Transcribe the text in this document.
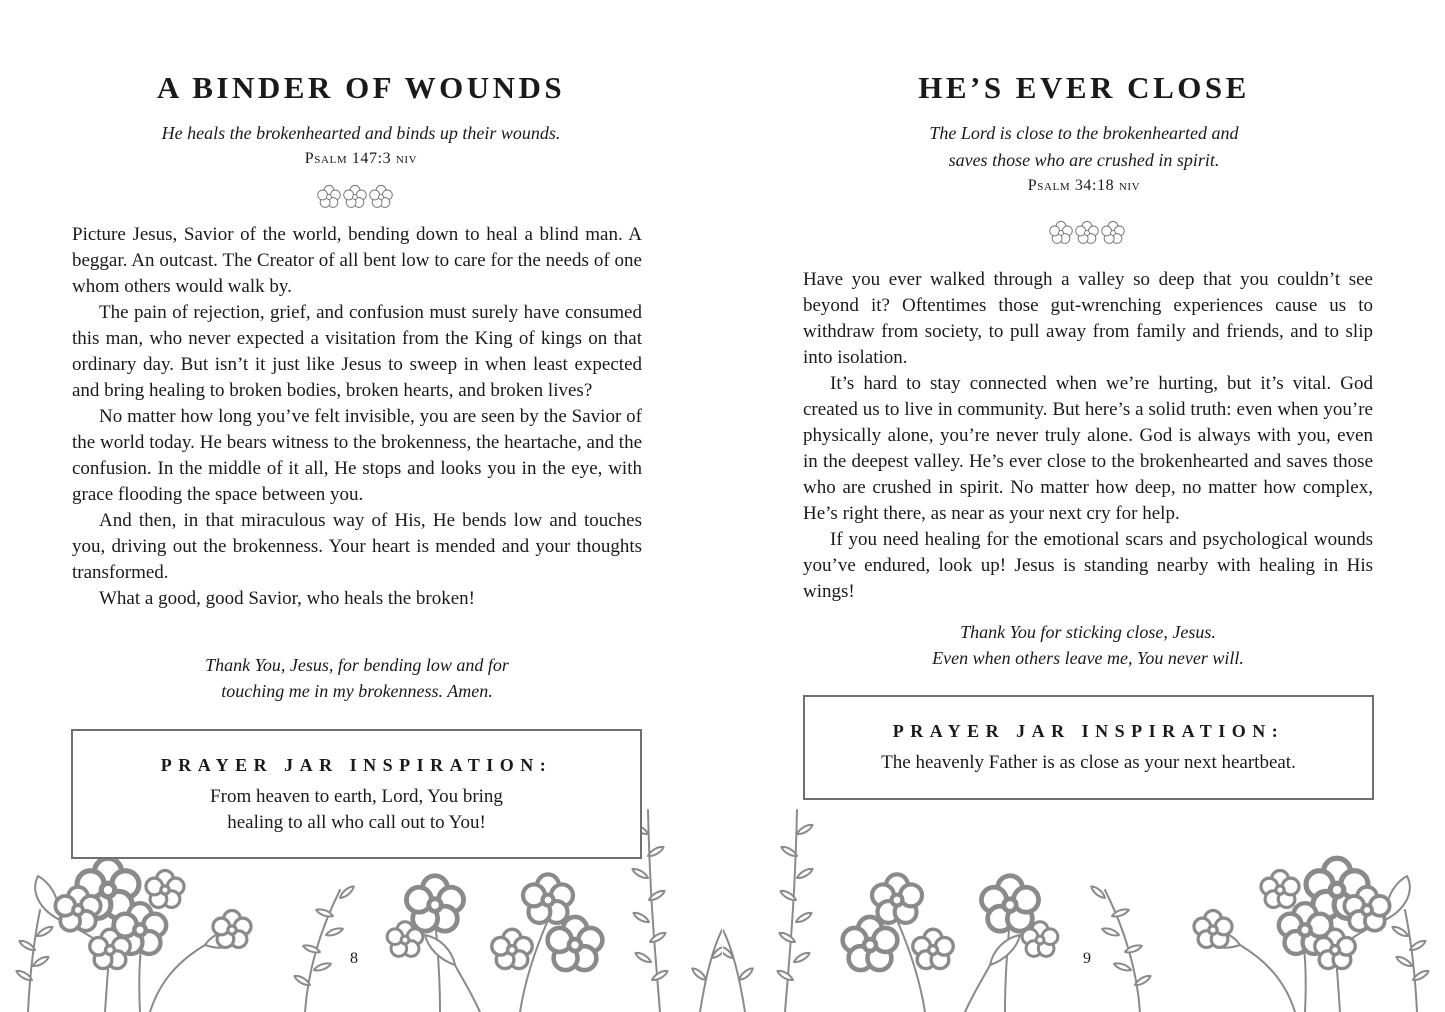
A BINDER OF WOUNDS

He heals the brokenhearted and binds up their wounds.

Psalm 147:3 niv

Picture Jesus, Savior of the world, bending down to heal a blind man. A beggar. An outcast. The Creator of all bent low to care for the needs of one whom others would walk by.

The pain of rejection, grief, and confusion must surely have consumed this man, who never expected a visitation from the King of kings on that ordinary day. But isn’t it just like Jesus to sweep in when least expected and bring healing to broken bodies, broken hearts, and broken lives?

No matter how long you’ve felt invisible, you are seen by the Savior of the world today. He bears witness to the brokenness, the heartache, and the confusion. In the middle of it all, He stops and looks you in the eye, with grace flooding the space between you.

And then, in that miraculous way of His, He bends low and touches you, driving out the brokenness. Your heart is mended and your thoughts transformed.

What a good, good Savior, who heals the broken!

Thank You, Jesus, for bending low and for
touching me in my brokenness. Amen.

PRAYER JAR INSPIRATION:

From heaven to earth, Lord, You bring

healing to all who call out to You!

8
HE’S EVER CLOSE
The Lord is close to the brokenhearted and
saves those who are crushed in spirit.
Psalm 34:18 niv

Have you ever walked through a valley so deep that you couldn’t see beyond it? Oftentimes those gut-wrenching experiences cause us to withdraw from society, to pull away from family and friends, and to slip into isolation.

It’s hard to stay connected when we’re hurting, but it’s vital. God created us to live in community. But here’s a solid truth: even when you’re physically alone, you’re never truly alone. God is always with you, even in the deepest valley. He’s ever close to the brokenhearted and saves those who are crushed in spirit. No matter how deep, no matter how complex, He’s right there, as near as your next cry for help.

If you need healing for the emotional scars and psychological wounds you’ve endured, look up! Jesus is standing nearby with healing in His wings!

Thank You for sticking close, Jesus.
Even when others leave me, You never will.

PRAYER JAR INSPIRATION:

The heavenly Father is as close as your next heartbeat.

9
